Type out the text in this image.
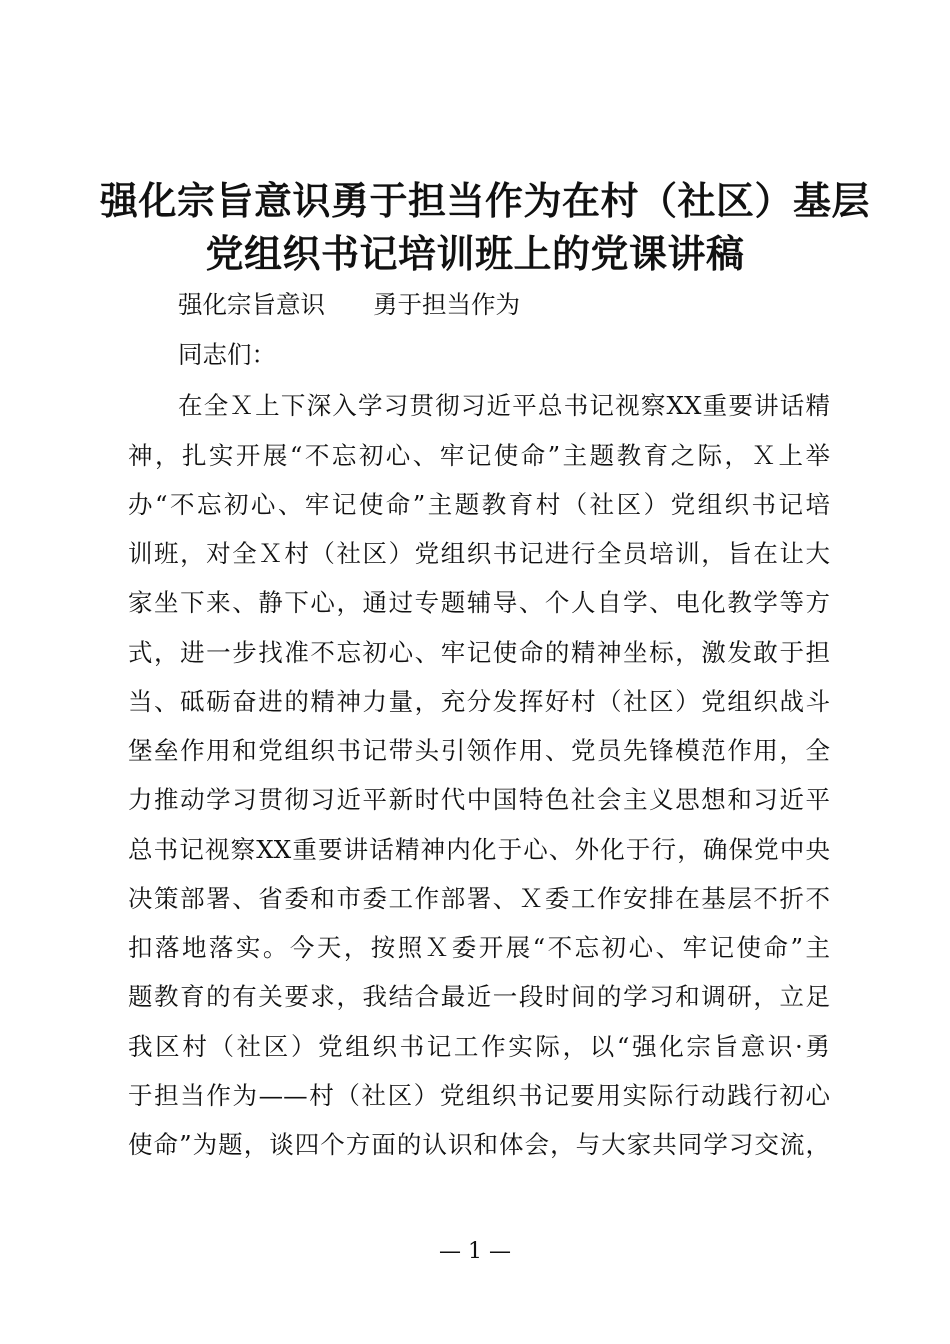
强化宗旨意识勇于担当作为在村（社区）基层
党组织书记培训班上的党课讲稿
强化宗旨意识 勇于担当作为
同志们：
在全Ｘ上下深入学习贯彻习近平总书记视察XX重要讲话精
神，扎实开展“不忘初心、牢记使命”主题教育之际，Ｘ上举
办“不忘初心、牢记使命”主题教育村（社区）党组织书记培
训班，对全Ｘ村（社区）党组织书记进行全员培训，旨在让大
家坐下来、静下心，通过专题辅导、个人自学、电化教学等方
式，进一步找准不忘初心、牢记使命的精神坐标，激发敢于担
当、砥砺奋进的精神力量，充分发挥好村（社区）党组织战斗
堡垒作用和党组织书记带头引领作用、党员先锋模范作用，全
力推动学习贯彻习近平新时代中国特色社会主义思想和习近平
总书记视察XX重要讲话精神内化于心、外化于行，确保党中央
决策部署、省委和市委工作部署、Ｘ委工作安排在基层不折不
扣落地落实。今天，按照Ｘ委开展“不忘初心、牢记使命”主
题教育的有关要求，我结合最近一段时间的学习和调研，立足
我区村（社区）党组织书记工作实际，以“强化宗旨意识·勇
于担当作为——村（社区）党组织书记要用实际行动践行初心
使命”为题，谈四个方面的认识和体会，与大家共同学习交流，
— 1 —
